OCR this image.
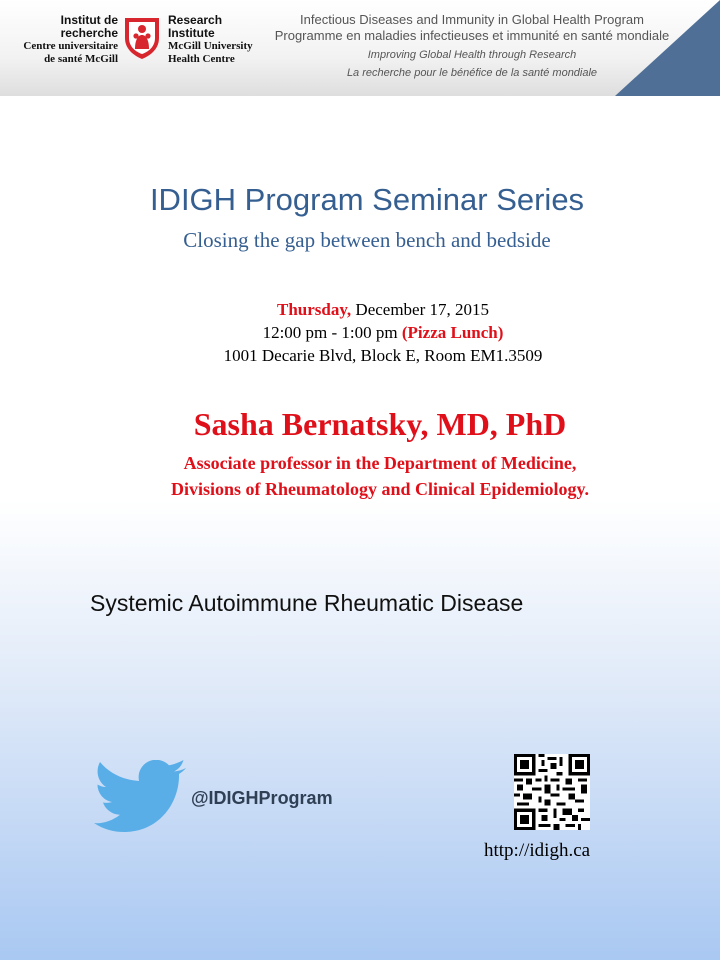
Institut de
recherche
Centre universitaire
de santé McGill
Research
Institute
McGill University
Health Centre
Infectious Diseases and Immunity in Global Health Program
Programme en maladies infectieuses et immunité en santé mondiale
Improving Global Health through Research
La recherche pour le bénéfice de la santé mondiale
IDIGH Program Seminar Series
Closing the gap between bench and bedside
Thursday, December 17, 2015
12:00 pm - 1:00 pm (Pizza Lunch)
1001 Decarie Blvd, Block E, Room EM1.3509
Sasha Bernatsky, MD, PhD
Associate professor in the Department of Medicine,
Divisions of Rheumatology and Clinical Epidemiology.
Systemic Autoimmune Rheumatic Disease
@IDIGHProgram
http://idigh.ca
